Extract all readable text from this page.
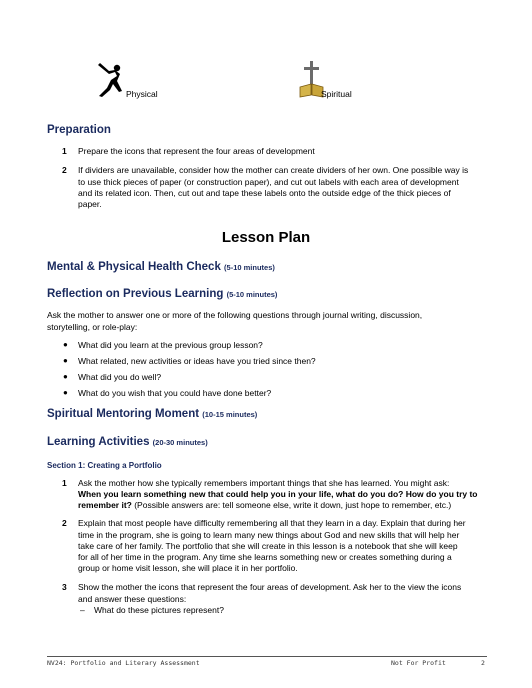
Physical	Spiritual
Preparation
1 Prepare the icons that represent the four areas of development

2 If dividers are unavailable, consider how the mother can create dividers of her own. One possible way is

to use thick pieces of paper (or construction paper), and cut out labels with each area of development

and its related icon. Then, cut out and tape these labels onto the outside edge of the thick pieces of

paper.

Lesson Plan
Mental & Physical Health Check (5-10 minutes)
Reflection on Previous Learning (5-10 minutes)

Ask the mother to answer one or more of the following questions through journal writing, discussion,

storytelling, or role-play:

● What did you learn at the previous group lesson?

● What related, new activities or ideas have you tried since then?

● What did you do well?

● What do you wish that you could have done better?

Spiritual Mentoring Moment (10-15 minutes)
Learning Activities (20-30 minutes)
Section 1: Creating a Portfolio
1 Ask the mother how she typically remembers important things that she has learned. You might ask:

When you learn something new that could help you in your life, what do you do? How do you try to

remember it? (Possible answers are: tell someone else, write it down, just hope to remember, etc.)

2 Explain that most people have difficulty remembering all that they learn in a day. Explain that during her

time in the program, she is going to learn many new things about God and new skills that will help her

take care of her family. The portfolio that she will create in this lesson is a notebook that she will keep

for all of her time in the program. Any time she learns something new or creates something during a

group or home visit lesson, she will place it in her portfolio.

3 Show the mother the icons that represent the four areas of development. Ask her to the view the icons

and answer these questions:

– What do these pictures represent?

NV24: Portfolio and Literary Assessment	Not For Profit	2
